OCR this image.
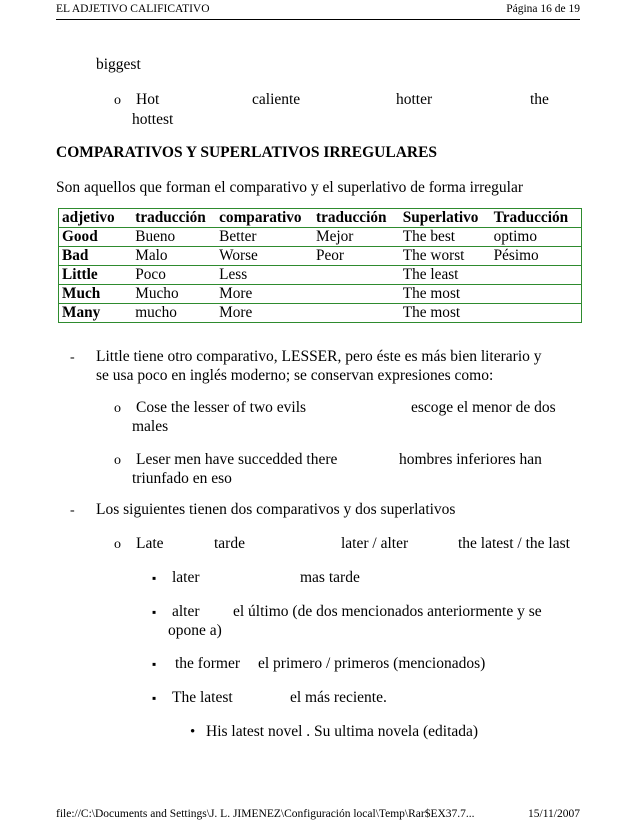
EL ADJETIVO CALIFICATIVO	Página 16 de 19
biggest
o Hot	caliente	hotter	the
hottest
COMPARATIVOS Y SUPERLATIVOS IRREGULARES
Son aquellos que forman el comparativo y el superlativo de forma irregular
adjetivo	traducción	comparativo	traducción	Superlativo	Traducción
Good	Bueno	Better	Mejor	The best	optimo
Bad	Malo	Worse	Peor	The worst	Pésimo
Little	Poco	Less		The least	
Much	Mucho	More		The most	
Many	mucho	More		The most	
- Little tiene otro comparativo, LESSER, pero éste es más bien literario y
se usa poco en inglés moderno; se conservan expresiones como:
o Cose the lesser of two evils	escoge el menor de dos
males
o Leser men have succedded there	hombres inferiores han
triunfado en eso
- Los siguientes tienen dos comparativos y dos superlativos
o Late	tarde	later / alter	the latest / the last
▪ later	mas tarde
▪ alter el último (de dos mencionados anteriormente y se
opone a)
▪ the former el primero / primeros (mencionados)
▪ The latest	el más reciente.
• His latest novel . Su ultima novela (editada)
file://C:\Documents and Settings\J. L. JIMENEZ\Configuración local\Temp\Rar$EX37.7...	15/11/2007
